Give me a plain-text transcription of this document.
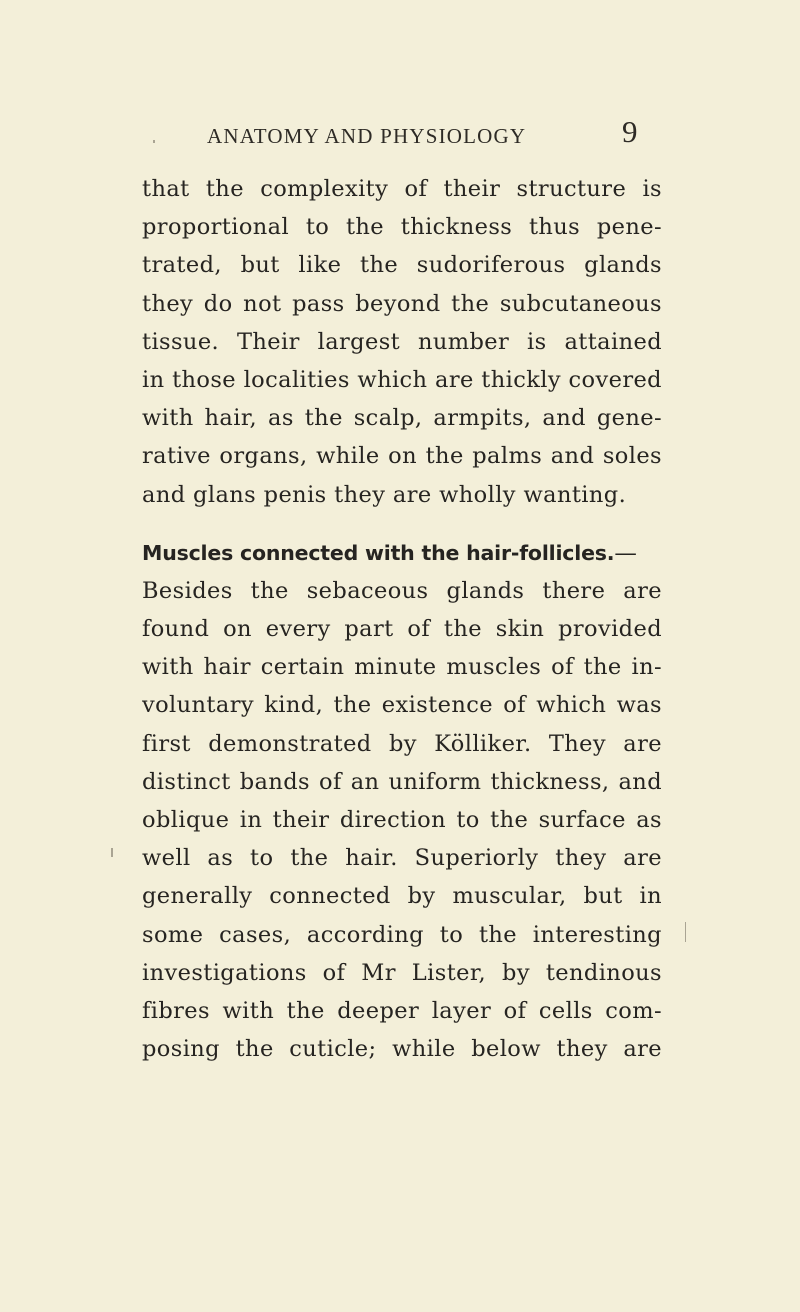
ANATOMY AND PHYSIOLOGY	9
that the complexity of their structure is
proportional to the thickness thus pene-
trated, but like the sudoriferous glands
they do not pass beyond the subcutaneous
tissue. Their largest number is attained
in those localities which are thickly covered
with hair, as the scalp, armpits, and gene-
rative organs, while on the palms and soles
and glans penis they are wholly wanting.
Muscles connected with the hair-follicles.—
Besides the sebaceous glands there are
found on every part of the skin provided
with hair certain minute muscles of the in-
voluntary kind, the existence of which was
first demonstrated by Kölliker. They are
distinct bands of an uniform thickness, and
oblique in their direction to the surface as
well as to the hair. Superiorly they are
generally connected by muscular, but in
some cases, according to the interesting
investigations of Mr Lister, by tendinous
fibres with the deeper layer of cells com-
posing the cuticle; while below they are
